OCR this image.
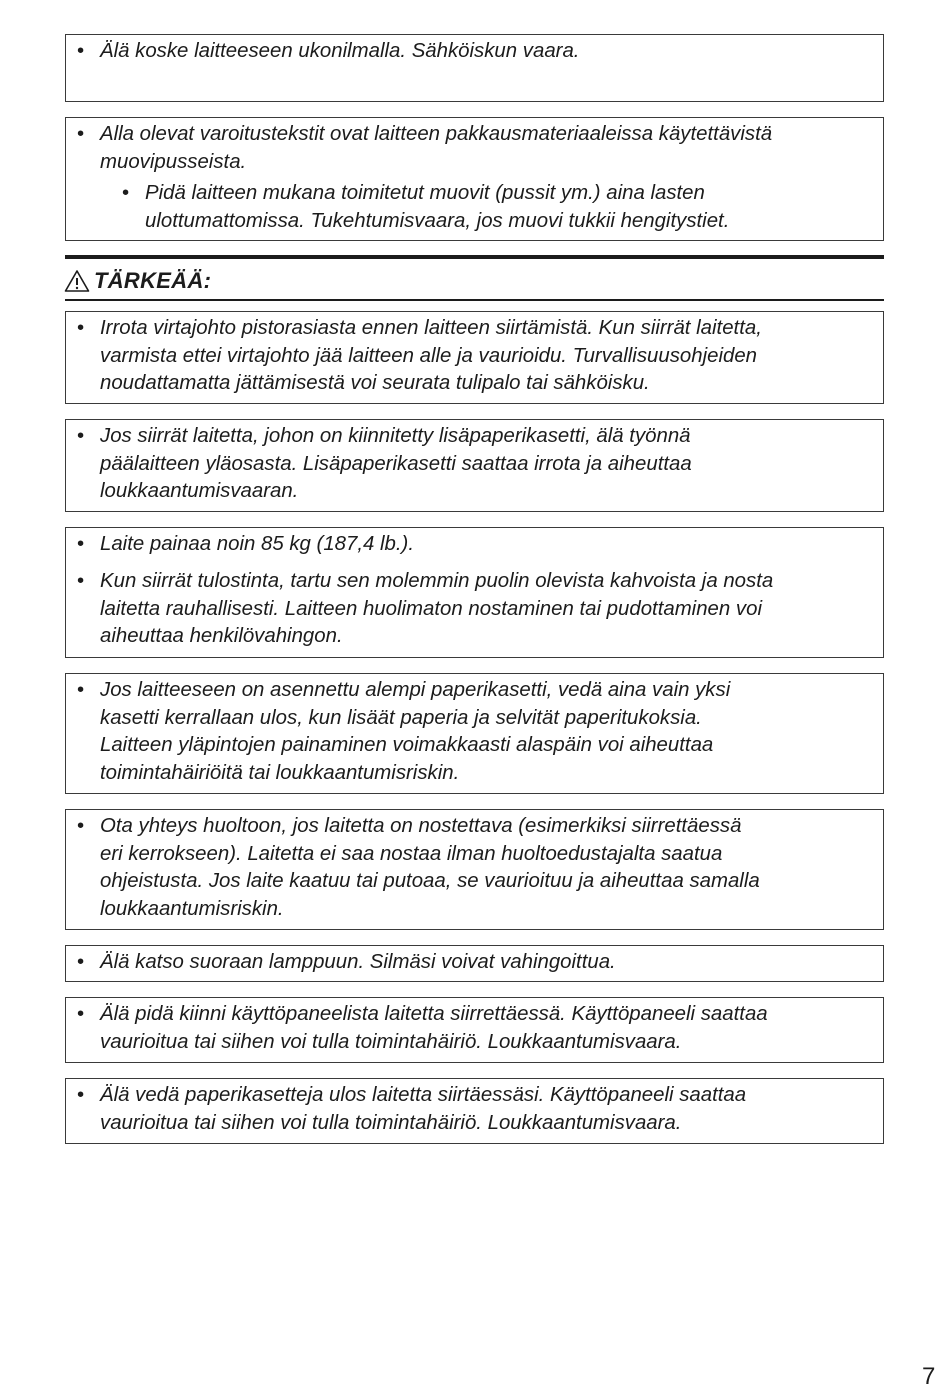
• Älä koske laitteeseen ukonilmalla. Sähköiskun vaara.
• Alla olevat varoitustekstit ovat laitteen pakkausmateriaaleissa käytettävistä
muovipusseista.
• Pidä laitteen mukana toimitetut muovit (pussit ym.) aina lasten
ulottumattomissa. Tukehtumisvaara, jos muovi tukkii hengitystiet.
TÄRKEÄÄ:
• Irrota virtajohto pistorasiasta ennen laitteen siirtämistä. Kun siirrät laitetta,
varmista ettei virtajohto jää laitteen alle ja vaurioidu. Turvallisuusohjeiden
noudattamatta jättämisestä voi seurata tulipalo tai sähköisku.
• Jos siirrät laitetta, johon on kiinnitetty lisäpaperikasetti, älä työnnä
päälaitteen yläosasta. Lisäpaperikasetti saattaa irrota ja aiheuttaa
loukkaantumisvaaran.
• Laite painaa noin 85 kg (187,4 lb.).
• Kun siirrät tulostinta, tartu sen molemmin puolin olevista kahvoista ja nosta
laitetta rauhallisesti. Laitteen huolimaton nostaminen tai pudottaminen voi
aiheuttaa henkilövahingon.
• Jos laitteeseen on asennettu alempi paperikasetti, vedä aina vain yksi
kasetti kerrallaan ulos, kun lisäät paperia ja selvität paperitukoksia.
Laitteen yläpintojen painaminen voimakkaasti alaspäin voi aiheuttaa
toimintahäiriöitä tai loukkaantumisriskin.
• Ota yhteys huoltoon, jos laitetta on nostettava (esimerkiksi siirrettäessä
eri kerrokseen). Laitetta ei saa nostaa ilman huoltoedustajalta saatua
ohjeistusta. Jos laite kaatuu tai putoaa, se vaurioituu ja aiheuttaa samalla
loukkaantumisriskin.
• Älä katso suoraan lamppuun. Silmäsi voivat vahingoittua.
• Älä pidä kiinni käyttöpaneelista laitetta siirrettäessä. Käyttöpaneeli saattaa
vaurioitua tai siihen voi tulla toimintahäiriö. Loukkaantumisvaara.
• Älä vedä paperikasetteja ulos laitetta siirtäessäsi. Käyttöpaneeli saattaa
vaurioitua tai siihen voi tulla toimintahäiriö. Loukkaantumisvaara.
7
